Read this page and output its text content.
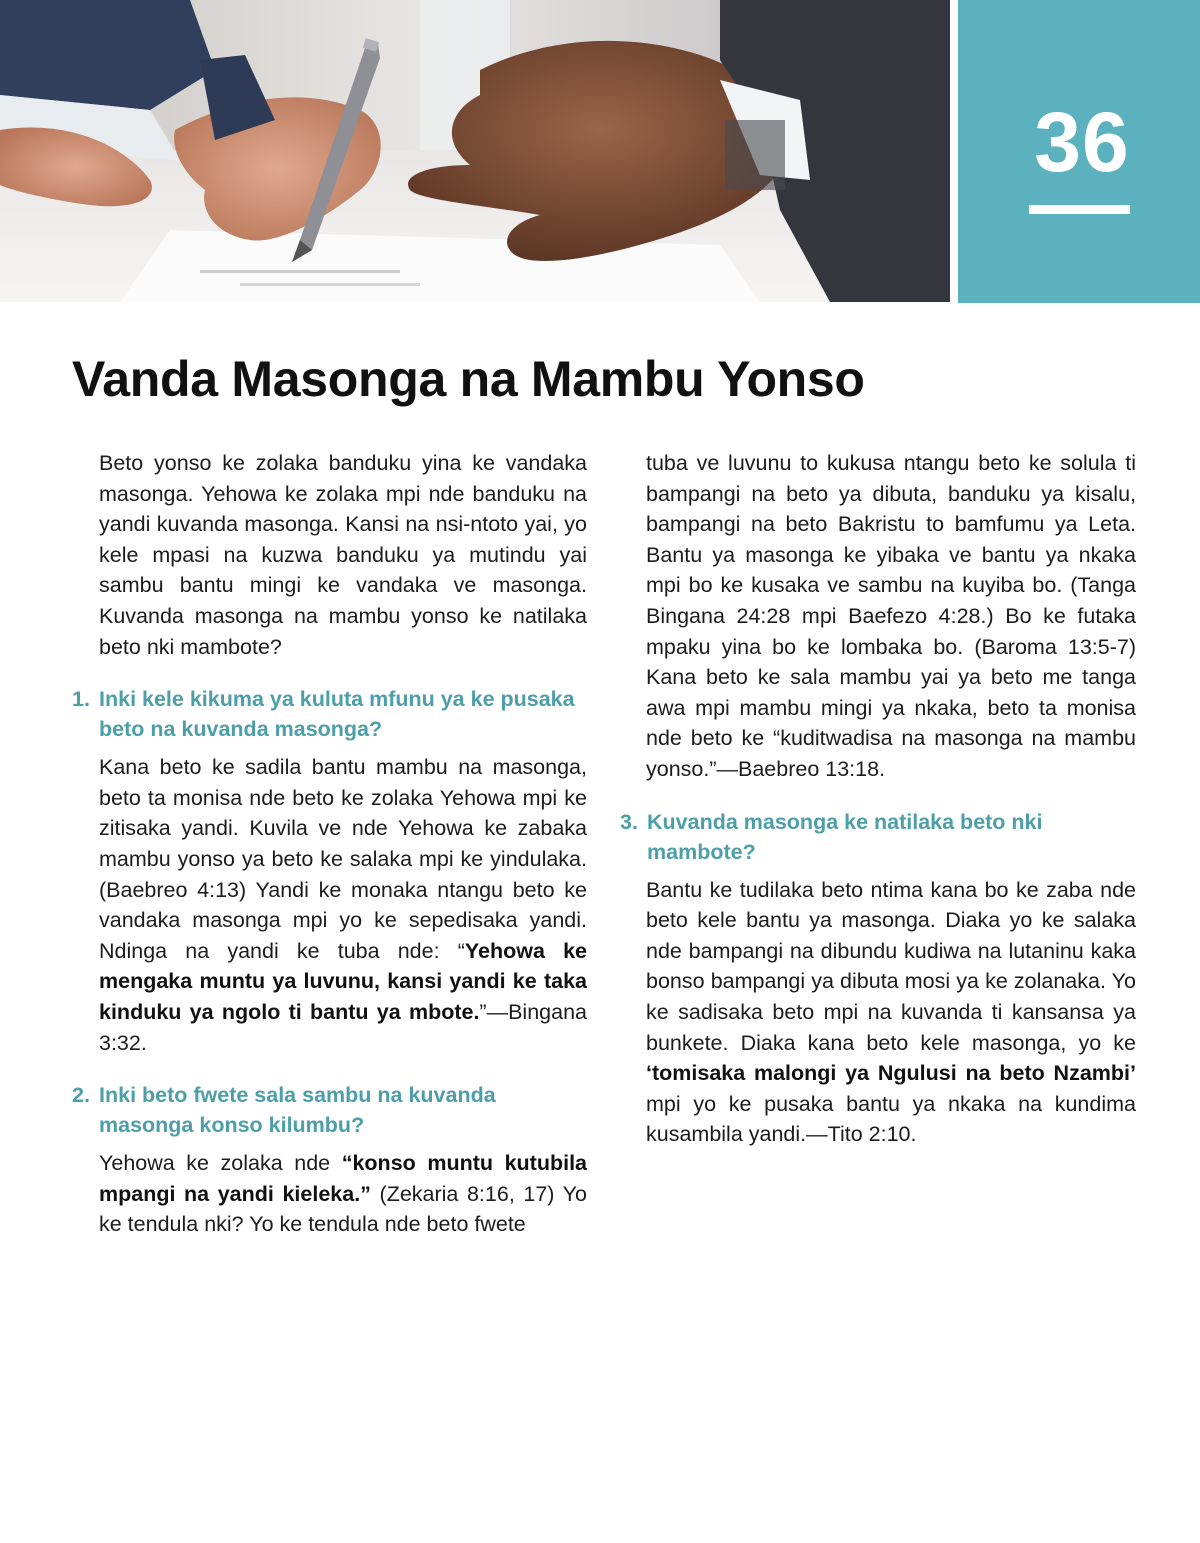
36
Vanda Masonga na Mambu Yonso

Beto yonso ke zolaka banduku yina ke vandaka masonga. Yehowa ke zolaka mpi nde banduku na yandi kuvanda masonga. Kansi na nsi-ntoto yai, yo kele mpasi na kuzwa banduku ya mutindu yai sambu bantu mingi ke vandaka ve masonga. Kuvanda masonga na mambu yonso ke natilaka beto nki mambote?

1. Inki kele kikuma ya kuluta mfunu ya ke pusaka beto na kuvanda masonga?

Kana beto ke sadila bantu mambu na masonga, beto ta monisa nde beto ke zolaka Yehowa mpi ke zitisaka yandi. Kuvila ve nde Yehowa ke zabaka mambu yonso ya beto ke salaka mpi ke yindulaka. (Baebreo 4:13) Yandi ke monaka ntangu beto ke vandaka masonga mpi yo ke sepedisaka yandi. Ndinga na yandi ke tuba nde: “Yehowa ke mengaka muntu ya luvunu, kansi yandi ke taka kinduku ya ngolo ti bantu ya mbote.”—Bingana 3:32.

2. Inki beto fwete sala sambu na kuvanda masonga konso kilumbu?

Yehowa ke zolaka nde “konso muntu kutubila mpangi na yandi kieleka.” (Zekaria 8:16, 17) Yo ke tendula nki? Yo ke tendula nde beto fwete

tuba ve luvunu to kukusa ntangu beto ke solula ti bampangi na beto ya dibuta, banduku ya kisalu, bampangi na beto Bakristu to bamfumu ya Leta. Bantu ya masonga ke yibaka ve bantu ya nkaka mpi bo ke kusaka ve sambu na kuyiba bo. (Tanga Bingana 24:28 mpi Baefezo 4:28.) Bo ke futaka mpaku yina bo ke lombaka bo. (Baroma 13:5-7) Kana beto ke sala mambu yai ya beto me tanga awa mpi mambu mingi ya nkaka, beto ta monisa nde beto ke “kuditwadisa na masonga na mambu yonso.”—Baebreo 13:18.

3. Kuvanda masonga ke natilaka beto nki mambote?

Bantu ke tudilaka beto ntima kana bo ke zaba nde beto kele bantu ya masonga. Diaka yo ke salaka nde bampangi na dibundu kudiwa na lutaninu kaka bonso bampangi ya dibuta mosi ya ke zolanaka. Yo ke sadisaka beto mpi na kuvanda ti kansansa ya bunkete. Diaka kana beto kele masonga, yo ke ‘tomisaka malongi ya Ngulusi na beto Nzambi’ mpi yo ke pusaka bantu ya nkaka na kundima kusambila yandi.—Tito 2:10.
